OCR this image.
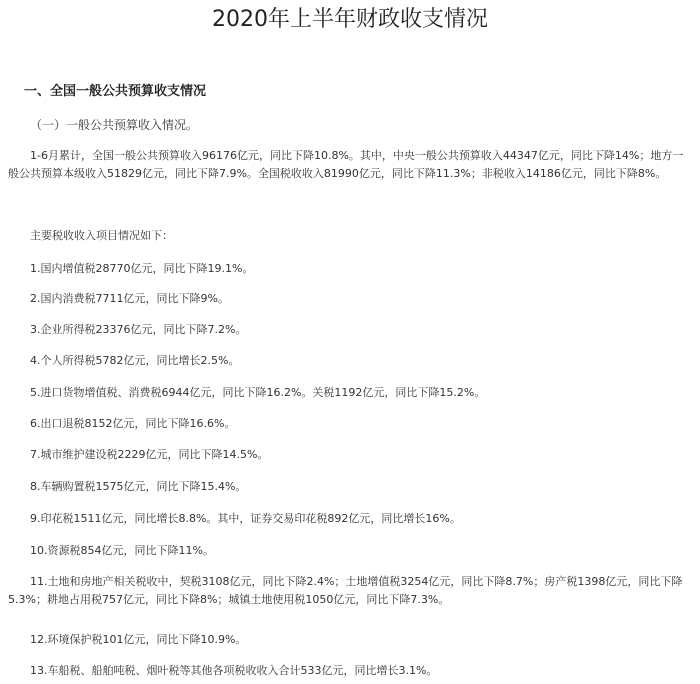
2020年上半年财政收支情况
一、全国一般公共预算收支情况
（一）一般公共预算收入情况。
1-6月累计，全国一般公共预算收入96176亿元，同比下降10.8%。其中，中央一般公共预算收入44347亿元，同比下降14%；地方一般公共预算本级收入51829亿元，同比下降7.9%。全国税收收入81990亿元，同比下降11.3%；非税收入14186亿元，同比下降8%。
主要税收收入项目情况如下：
1.国内增值税28770亿元，同比下降19.1%。
2.国内消费税7711亿元，同比下降9%。
3.企业所得税23376亿元，同比下降7.2%。
4.个人所得税5782亿元，同比增长2.5%。
5.进口货物增值税、消费税6944亿元，同比下降16.2%。关税1192亿元，同比下降15.2%。
6.出口退税8152亿元，同比下降16.6%。
7.城市维护建设税2229亿元，同比下降14.5%。
8.车辆购置税1575亿元，同比下降15.4%。
9.印花税1511亿元，同比增长8.8%。其中，证券交易印花税892亿元，同比增长16%。
10.资源税854亿元，同比下降11%。
11.土地和房地产相关税收中，契税3108亿元，同比下降2.4%；土地增值税3254亿元，同比下降8.7%；房产税1398亿元，同比下降5.3%；耕地占用税757亿元，同比下降8%；城镇土地使用税1050亿元，同比下降7.3%。
12.环境保护税101亿元，同比下降10.9%。
13.车船税、船舶吨税、烟叶税等其他各项税收收入合计533亿元，同比增长3.1%。
